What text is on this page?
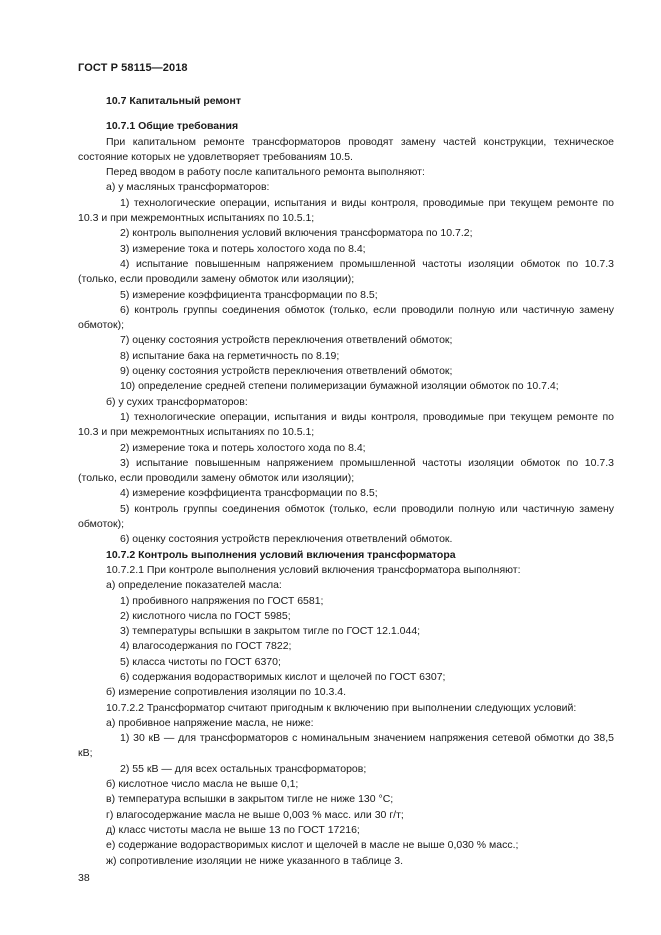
ГОСТ Р 58115—2018

10.7 Капитальный ремонт

10.7.1 Общие требования

При капитальном ремонте трансформаторов проводят замену частей конструкции, техническое состояние которых не удовлетворяет требованиям 10.5.

Перед вводом в работу после капитального ремонта выполняют:

а) у масляных трансформаторов:

1) технологические операции, испытания и виды контроля, проводимые при текущем ремонте по 10.3 и при межремонтных испытаниях по 10.5.1;

2) контроль выполнения условий включения трансформатора по 10.7.2;

3) измерение тока и потерь холостого хода по 8.4;

4) испытание повышенным напряжением промышленной частоты изоляции обмоток по 10.7.3 (только, если проводили замену обмоток или изоляции);

5) измерение коэффициента трансформации по 8.5;

6) контроль группы соединения обмоток (только, если проводили полную или частичную замену обмоток);

7) оценку состояния устройств переключения ответвлений обмоток;

8) испытание бака на герметичность по 8.19;

9) оценку состояния устройств переключения ответвлений обмоток;

10) определение средней степени полимеризации бумажной изоляции обмоток по 10.7.4;

б) у сухих трансформаторов:

1) технологические операции, испытания и виды контроля, проводимые при текущем ремонте по 10.3 и при межремонтных испытаниях по 10.5.1;

2) измерение тока и потерь холостого хода по 8.4;

3) испытание повышенным напряжением промышленной частоты изоляции обмоток по 10.7.3 (только, если проводили замену обмоток или изоляции);

4) измерение коэффициента трансформации по 8.5;

5) контроль группы соединения обмоток (только, если проводили полную или частичную замену обмоток);

6) оценку состояния устройств переключения ответвлений обмоток.

10.7.2 Контроль выполнения условий включения трансформатора

10.7.2.1 При контроле выполнения условий включения трансформатора выполняют:

а) определение показателей масла:

1) пробивного напряжения по ГОСТ 6581;

2) кислотного числа по ГОСТ 5985;

3) температуры вспышки в закрытом тигле по ГОСТ 12.1.044;

4) влагосодержания по ГОСТ 7822;

5) класса чистоты по ГОСТ 6370;

6) содержания водорастворимых кислот и щелочей по ГОСТ 6307;

б) измерение сопротивления изоляции по 10.3.4.

10.7.2.2 Трансформатор считают пригодным к включению при выполнении следующих условий:

а) пробивное напряжение масла, не ниже:

1) 30 кВ — для трансформаторов с номинальным значением напряжения сетевой обмотки до 38,5 кВ;

2) 55 кВ — для всех остальных трансформаторов;

б) кислотное число масла не выше 0,1;

в) температура вспышки в закрытом тигле не ниже 130 °С;

г) влагосодержание масла не выше 0,003 % масс. или 30 г/т;

д) класс чистоты масла не выше 13 по ГОСТ 17216;

е) содержание водорастворимых кислот и щелочей в масле не выше 0,030 % масс.;

ж) сопротивление изоляции не ниже указанного в таблице 3.

38
